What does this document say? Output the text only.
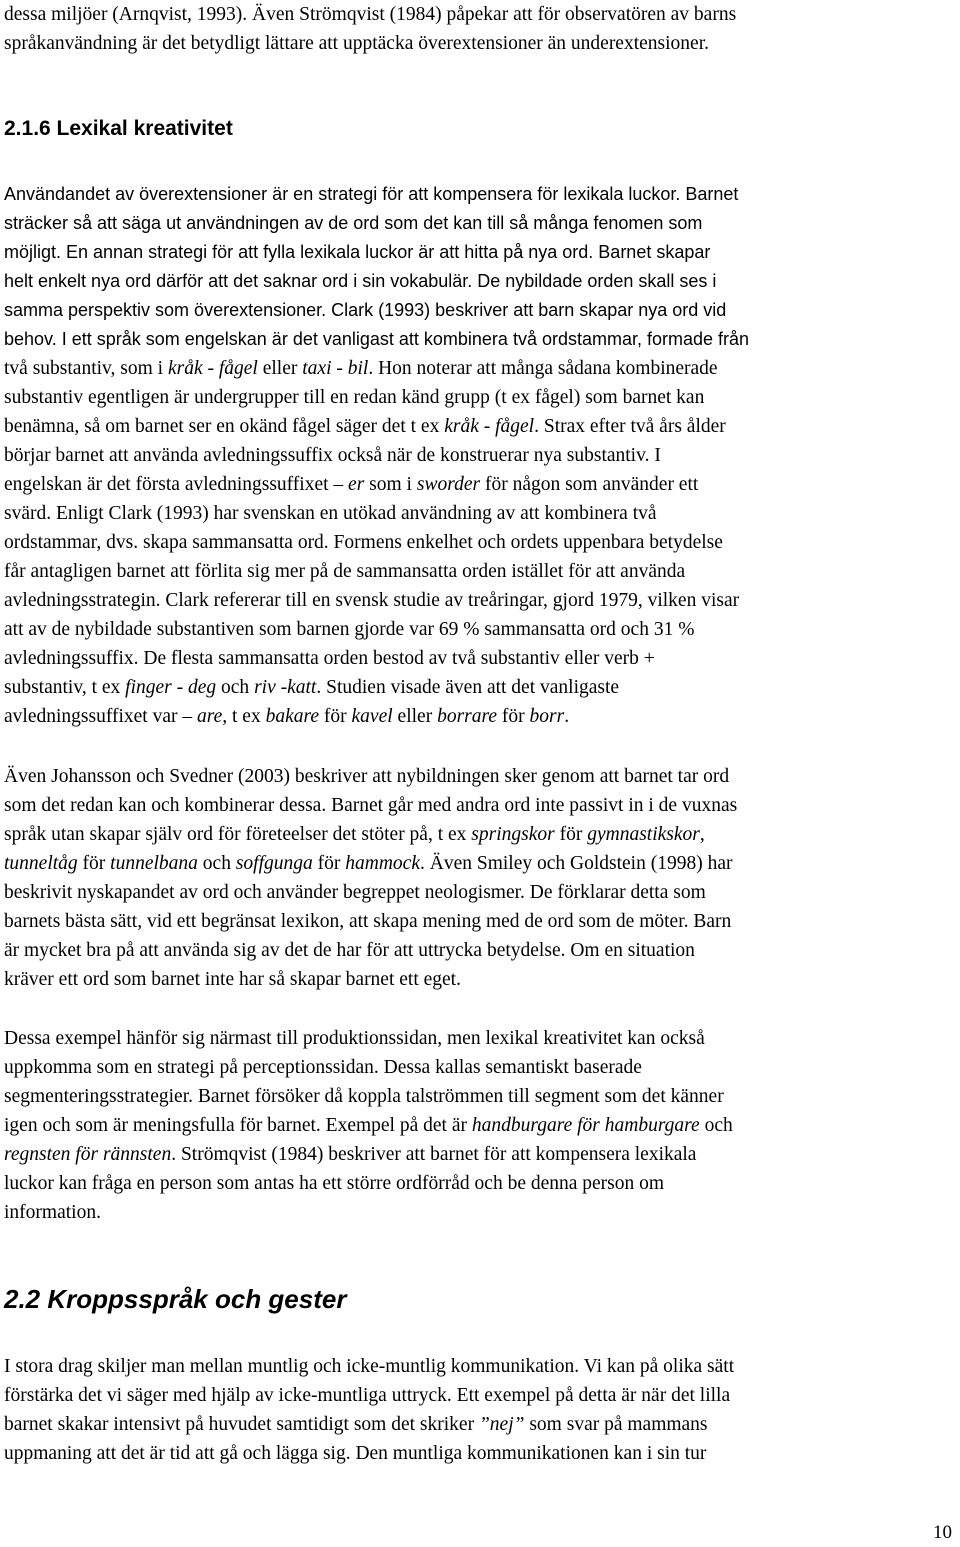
dessa miljöer (Arnqvist, 1993). Även Strömqvist (1984) påpekar att för observatören av barns
språkanvändning är det betydligt lättare att upptäcka överextensioner än underextensioner.
2.1.6 Lexikal kreativitet
Användandet av överextensioner är en strategi för att kompensera för lexikala luckor. Barnet
sträcker så att säga ut användningen av de ord som det kan till så många fenomen som
möjligt. En annan strategi för att fylla lexikala luckor är att hitta på nya ord. Barnet skapar
helt enkelt nya ord därför att det saknar ord i sin vokabulär. De nybildade orden skall ses i
samma perspektiv som överextensioner. Clark (1993) beskriver att barn skapar nya ord vid
behov. I ett språk som engelskan är det vanligast att kombinera två ordstammar, formade från
två substantiv, som i kråk - fågel eller taxi - bil. Hon noterar att många sådana kombinerade
substantiv egentligen är undergrupper till en redan känd grupp (t ex fågel) som barnet kan
benämna, så om barnet ser en okänd fågel säger det t ex kråk - fågel. Strax efter två års ålder
börjar barnet att använda avledningssuffix också när de konstruerar nya substantiv. I
engelskan är det första avledningssuffixet – er som i sworder för någon som använder ett
svärd. Enligt Clark (1993) har svenskan en utökad användning av att kombinera två
ordstammar, dvs. skapa sammansatta ord. Formens enkelhet och ordets uppenbara betydelse
får antagligen barnet att förlita sig mer på de sammansatta orden istället för att använda
avledningsstrategin. Clark refererar till en svensk studie av treåringar, gjord 1979, vilken visar
att av de nybildade substantiven som barnen gjorde var 69 % sammansatta ord och 31 %
avledningssuffix. De flesta sammansatta orden bestod av två substantiv eller verb +
substantiv, t ex finger - deg och riv -katt. Studien visade även att det vanligaste
avledningssuffixet var – are, t ex bakare för kavel eller borrare för borr.
Även Johansson och Svedner (2003) beskriver att nybildningen sker genom att barnet tar ord
som det redan kan och kombinerar dessa. Barnet går med andra ord inte passivt in i de vuxnas
språk utan skapar själv ord för företeelser det stöter på, t ex springskor för gymnastikskor,
tunneltåg för tunnelbana och soffgunga för hammock. Även Smiley och Goldstein (1998) har
beskrivit nyskapandet av ord och använder begreppet neologismer. De förklarar detta som
barnets bästa sätt, vid ett begränsat lexikon, att skapa mening med de ord som de möter. Barn
är mycket bra på att använda sig av det de har för att uttrycka betydelse. Om en situation
kräver ett ord som barnet inte har så skapar barnet ett eget.
Dessa exempel hänför sig närmast till produktionssidan, men lexikal kreativitet kan också
uppkomma som en strategi på perceptionssidan. Dessa kallas semantiskt baserade
segmenteringsstrategier. Barnet försöker då koppla talströmmen till segment som det känner
igen och som är meningsfulla för barnet. Exempel på det är handburgare för hamburgare och
regnsten för rännsten. Strömqvist (1984) beskriver att barnet för att kompensera lexikala
luckor kan fråga en person som antas ha ett större ordförråd och be denna person om
information.
2.2 Kroppsspråk och gester
I stora drag skiljer man mellan muntlig och icke-muntlig kommunikation. Vi kan på olika sätt
förstärka det vi säger med hjälp av icke-muntliga uttryck. Ett exempel på detta är när det lilla
barnet skakar intensivt på huvudet samtidigt som det skriker ”nej” som svar på mammans
uppmaning att det är tid att gå och lägga sig. Den muntliga kommunikationen kan i sin tur
10
